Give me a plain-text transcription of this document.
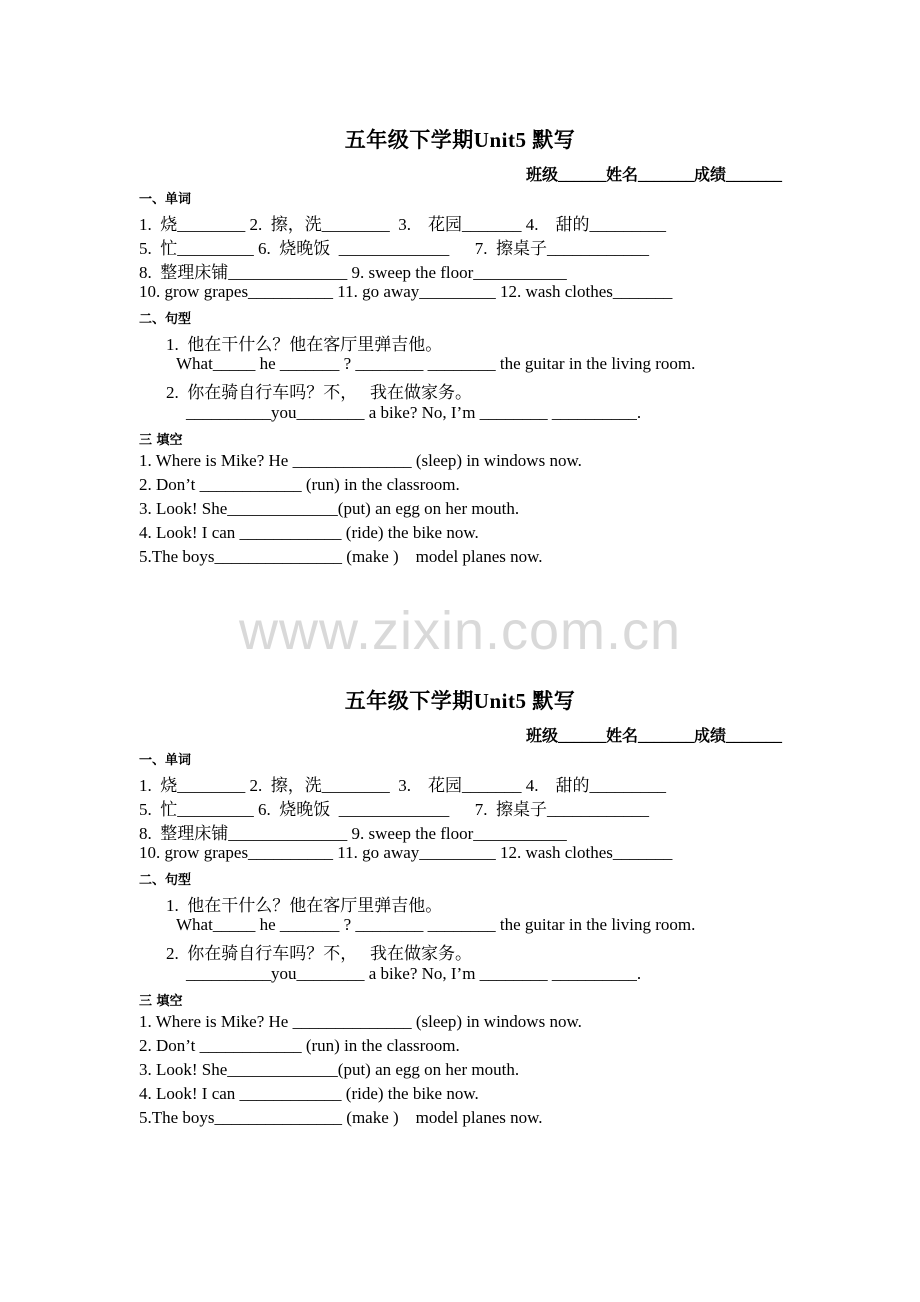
五年级下学期Unit5 默写
班级______姓名_______成绩_______
一、单词
1.  烧________ 2.  擦，洗________  3.    花园_______ 4.    甜的_________
5.  忙_________ 6.  烧晚饭  _____________      7.  擦桌子____________
8.  整理床铺______________ 9. sweep the floor___________
10. grow grapes__________ 11. go away_________ 12. wash clothes_______
二、句型
1.  他在干什么？他在客厅里弹吉他。
What_____ he _______ ? ________ ________ the guitar in the living room.
2.  你在骑自行车吗？不，   我在做家务。
__________you________ a bike? No, I’m ________ __________.
三 填空
1. Where is Mike? He ______________ (sleep) in windows now.
2. Don’t ____________ (run) in the classroom.
3. Look! She_____________(put) an egg on her mouth.
4. Look! I can ____________ (ride) the bike now.
5.The boys_______________ (make )    model planes now.
www.zixin.com.cn
五年级下学期Unit5 默写
班级______姓名_______成绩_______
一、单词
1.  烧________ 2.  擦，洗________  3.    花园_______ 4.    甜的_________
5.  忙_________ 6.  烧晚饭  _____________      7.  擦桌子____________
8.  整理床铺______________ 9. sweep the floor___________
10. grow grapes__________ 11. go away_________ 12. wash clothes_______
二、句型
1.  他在干什么？他在客厅里弹吉他。
What_____ he _______ ? ________ ________ the guitar in the living room.
2.  你在骑自行车吗？不，   我在做家务。
__________you________ a bike? No, I’m ________ __________.
三 填空
1. Where is Mike? He ______________ (sleep) in windows now.
2. Don’t ____________ (run) in the classroom.
3. Look! She_____________(put) an egg on her mouth.
4. Look! I can ____________ (ride) the bike now.
5.The boys_______________ (make )    model planes now.
